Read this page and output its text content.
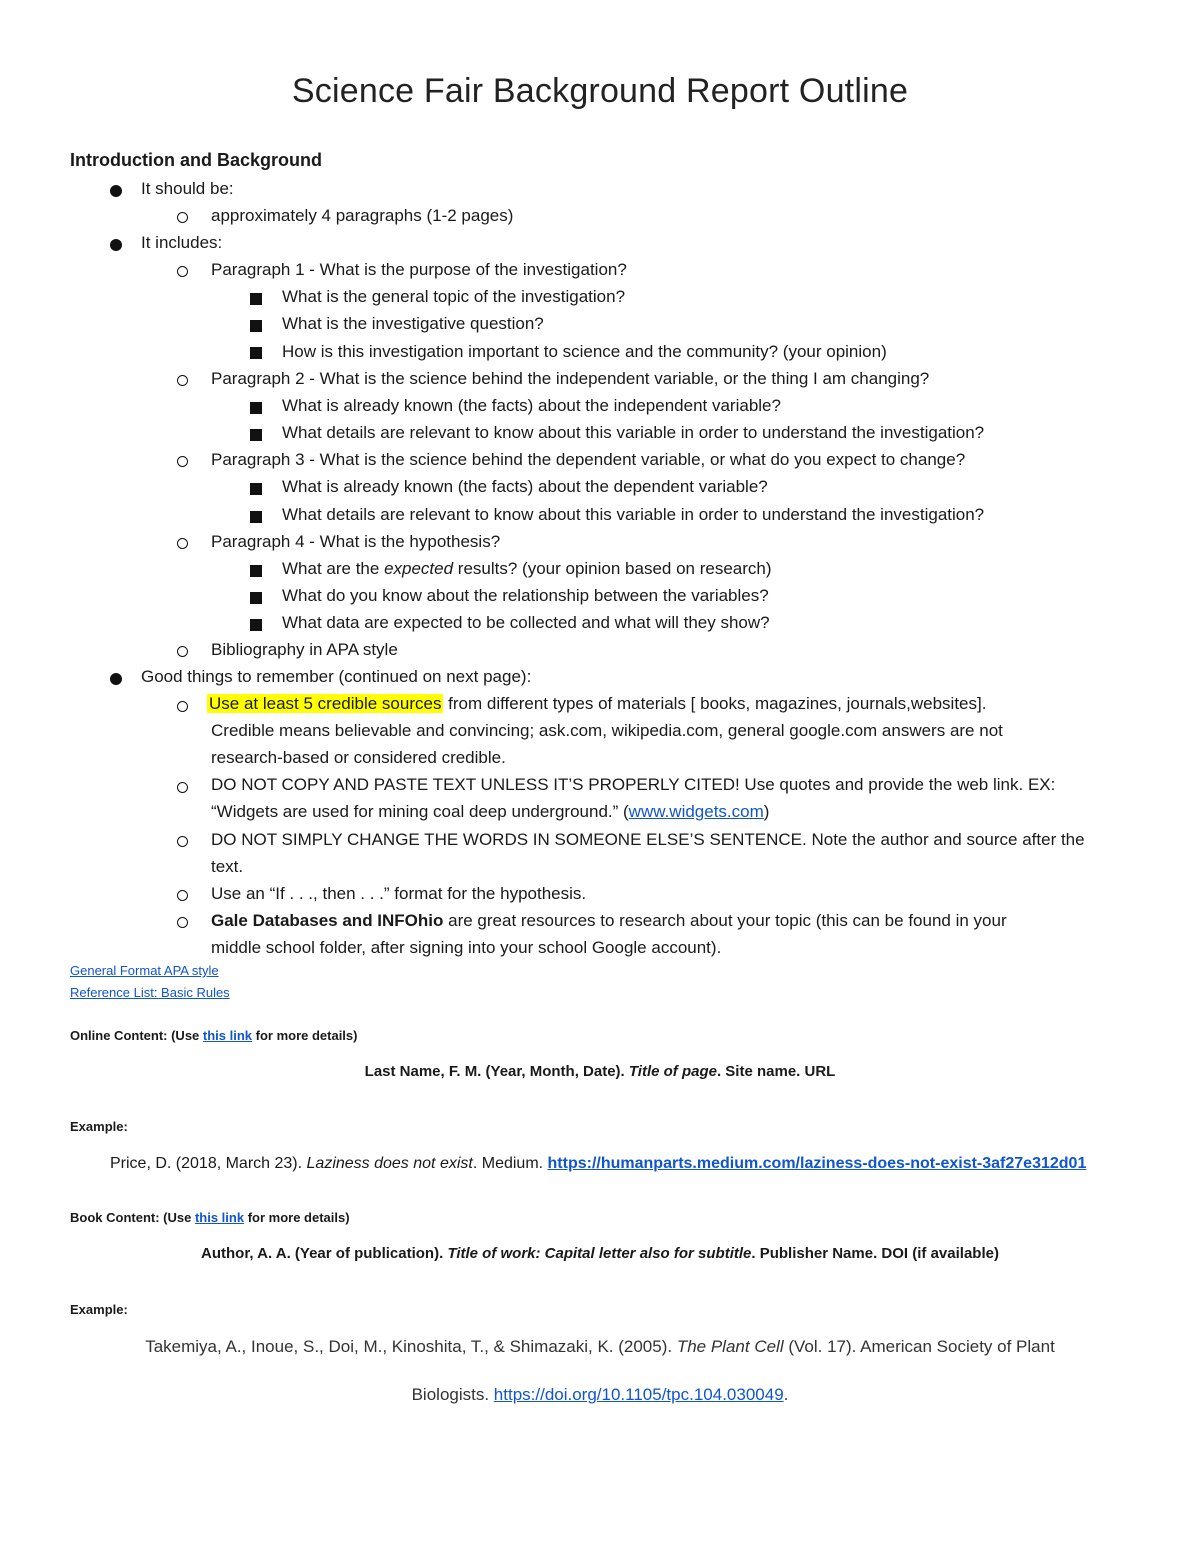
Science Fair Background Report Outline
Introduction and Background
It should be:
approximately 4 paragraphs (1-2 pages)
It includes:
Paragraph 1 - What is the purpose of the investigation?
What is the general topic of the investigation?
What is the investigative question?
How is this investigation important to science and the community? (your opinion)
Paragraph 2 - What is the science behind the independent variable, or the thing I am changing?
What is already known (the facts) about the independent variable?
What details are relevant to know about this variable in order to understand the investigation?
Paragraph 3 - What is the science behind the dependent variable, or what do you expect to change?
What is already known (the facts) about the dependent variable?
What details are relevant to know about this variable in order to understand the investigation?
Paragraph 4 - What is the hypothesis?
What are the expected results? (your opinion based on research)
What do you know about the relationship between the variables?
What data are expected to be collected and what will they show?
Bibliography in APA style
Good things to remember (continued on next page):
Use at least 5 credible sources from different types of materials [ books, magazines, journals,websites].
Credible means believable and convincing; ask.com, wikipedia.com, general google.com answers are not
research-based or considered credible.
DO NOT COPY AND PASTE TEXT UNLESS IT’S PROPERLY CITED! Use quotes and provide the web link. EX:
“Widgets are used for mining coal deep underground.” (www.widgets.com)
DO NOT SIMPLY CHANGE THE WORDS IN SOMEONE ELSE’S SENTENCE. Note the author and source after the
text.
Use an “If . . ., then . . .” format for the hypothesis.
Gale Databases and INFOhio are great resources to research about your topic (this can be found in your
middle school folder, after signing into your school Google account).
General Format APA style
Reference List: Basic Rules
Online Content: (Use this link for more details)
Last Name, F. M. (Year, Month, Date). Title of page. Site name. URL
Example:
Price, D. (2018, March 23). Laziness does not exist. Medium. https://humanparts.medium.com/laziness-does-not-exist-3af27e312d01
Book Content: (Use this link for more details)
Author, A. A. (Year of publication). Title of work: Capital letter also for subtitle. Publisher Name. DOI (if available)
Example:
Takemiya, A., Inoue, S., Doi, M., Kinoshita, T., & Shimazaki, K. (2005). The Plant Cell (Vol. 17). American Society of Plant
Biologists. https://doi.org/10.1105/tpc.104.030049.
